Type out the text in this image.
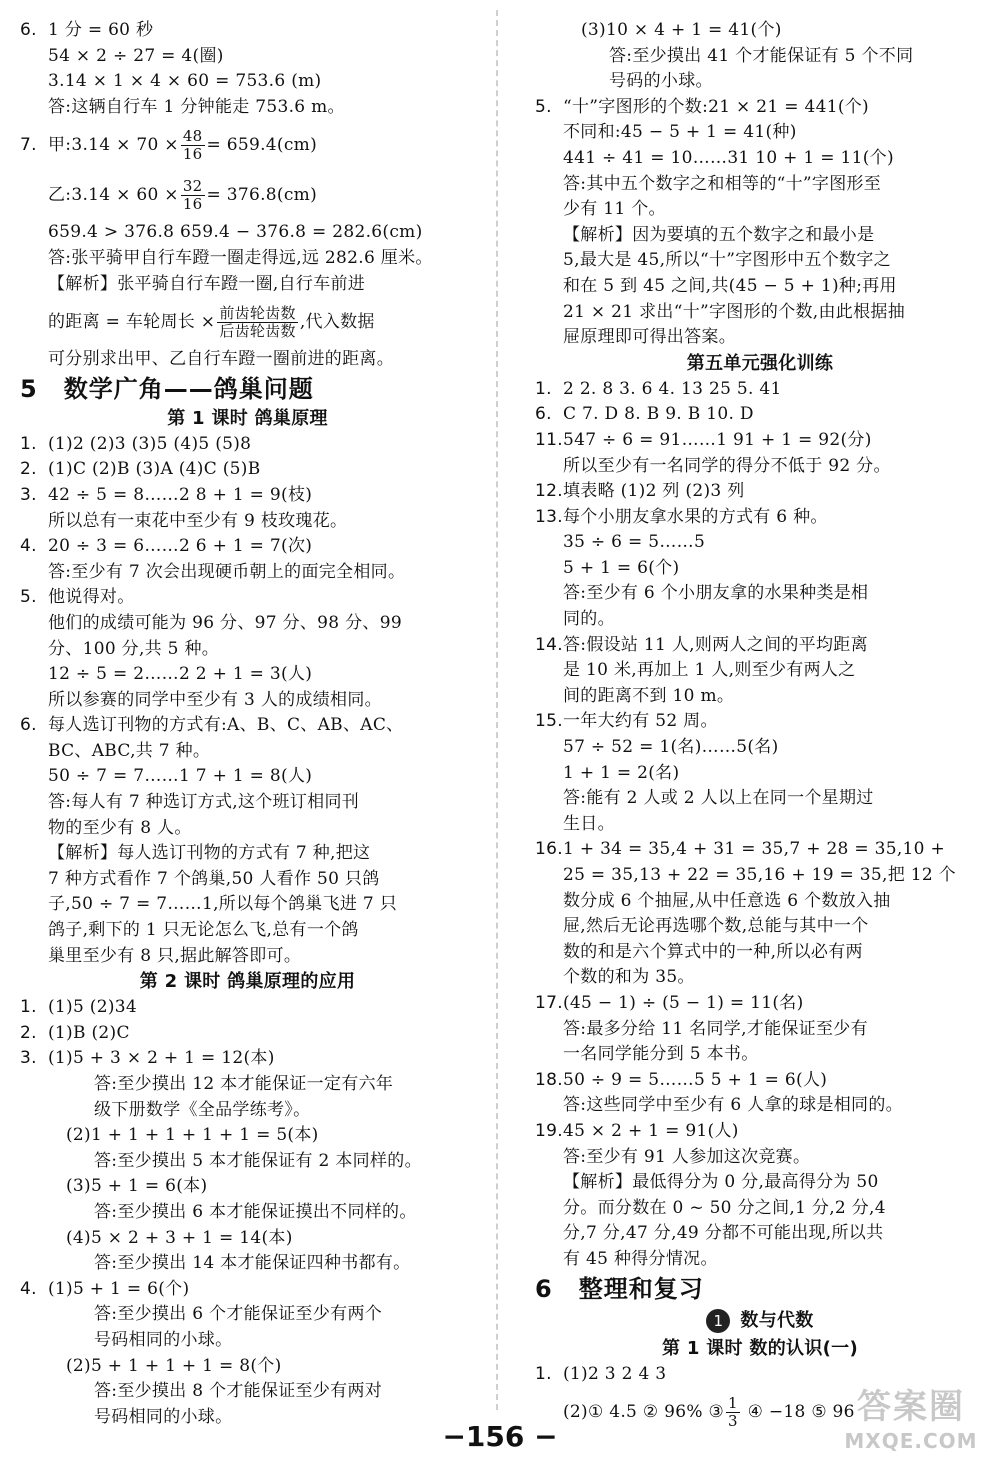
6. 1 分 = 60 秒
54 × 2 ÷ 27 = 4(圈)
3.14 × 1 × 4 × 60 = 753.6 (m)
答:这辆自行车 1 分钟能走 753.6 m。
7. 甲:3.14 × $70 \times \frac{48}{16} = 659.4(cm)$
乙:3.14 × $60 \times \frac{32}{16} = 376.8(cm)$
659.4 > 376.8 659.4 − 376.8 = 282.6(cm)
答:张平骑甲自行车蹬一圈走得远,远 282.6 厘米。
【解析】张平骑自行车蹬一圈,自行车前进
的距离 = 车轮周长 × $\frac{\text{前齿轮齿数}}{\text{后齿轮齿数}}$ ,代入数据
可分别求出甲、乙自行车蹬一圈前进的距离。
5 数学广角——鸽巢问题
第 1 课时 鸽巢原理
1. (1)2 (2)3 (3)5 (4)5 (5)8
2. (1)C (2)B (3)A (4)C (5)B
3. 42 ÷ 5 = 8……2 8 + 1 = 9(枝)
所以总有一束花中至少有 9 枝玫瑰花。
4. 20 ÷ 3 = 6……2 6 + 1 = 7(次)
答:至少有 7 次会出现硬币朝上的面完全相同。
5. 他说得对。
他们的成绩可能为 96 分、97 分、98 分、99
分、100 分,共 5 种。
12 ÷ 5 = 2……2 2 + 1 = 3(人)
所以参赛的同学中至少有 3 人的成绩相同。
6. 每人选订刊物的方式有:A、B、C、AB、AC、
BC、ABC,共 7 种。
50 ÷ 7 = 7……1 7 + 1 = 8(人)
答:每人有 7 种选订方式,这个班订相同刊
物的至少有 8 人。
【解析】每人选订刊物的方式有 7 种,把这
7 种方式看作 7 个鸽巢,50 人看作 50 只鸽
子,50 ÷ 7 = 7……1,所以每个鸽巢飞进 7 只
鸽子,剩下的 1 只无论怎么飞,总有一个鸽
巢里至少有 8 只,据此解答即可。
第 2 课时 鸽巢原理的应用
1. (1)5 (2)34
2. (1)B (2)C
3. (1)5 + 3 × 2 + 1 = 12(本)
答:至少摸出 12 本才能保证一定有六年
级下册数学《全品学练考》。
(2)1 + 1 + 1 + 1 + 1 = 5(本)
答:至少摸出 5 本才能保证有 2 本同样的。
(3)5 + 1 = 6(本)
答:至少摸出 6 本才能保证摸出不同样的。
(4)5 × 2 + 3 + 1 = 14(本)
答:至少摸出 14 本才能保证四种书都有。
4. (1)5 + 1 = 6(个)
答:至少摸出 6 个才能保证至少有两个
号码相同的小球。
(2)5 + 1 + 1 + 1 = 8(个)
答:至少摸出 8 个才能保证至少有两对
号码相同的小球。
(3)10 × 4 + 1 = 41(个)
答:至少摸出 41 个才能保证有 5 个不同
号码的小球。
5. “十”字图形的个数:21 × 21 = 441(个)
不同和:45 − 5 + 1 = 41(种)
441 ÷ 41 = 10……31 10 + 1 = 11(个)
答:其中五个数字之和相等的“十”字图形至
少有 11 个。
【解析】因为要填的五个数字之和最小是
5,最大是 45,所以“十”字图形中五个数字之
和在 5 到 45 之间,共(45 − 5 + 1)种;再用
21 × 21 求出“十”字图形的个数,由此根据抽
屉原理即可得出答案。
第五单元强化训练
1. 2 2. 8 3. 6 4. 13 25 5. 41
6. C 7. D 8. B 9. B 10. D
11.547 ÷ 6 = 91……1 91 + 1 = 92(分)
所以至少有一名同学的得分不低于 92 分。
12.填表略 (1)2 列 (2)3 列
13.每个小朋友拿水果的方式有 6 种。
35 ÷ 6 = 5……5
5 + 1 = 6(个)
答:至少有 6 个小朋友拿的水果种类是相
同的。
14.答:假设站 11 人,则两人之间的平均距离
是 10 米,再加上 1 人,则至少有两人之
间的距离不到 10 m。
15.一年大约有 52 周。
57 ÷ 52 = 1(名)……5(名)
1 + 1 = 2(名)
答:能有 2 人或 2 人以上在同一个星期过
生日。
16.1 + 34 = 35,4 + 31 = 35,7 + 28 = 35,10 +
25 = 35,13 + 22 = 35,16 + 19 = 35,把 12 个
数分成 6 个抽屉,从中任意选 6 个数放入抽
屉,然后无论再选哪个数,总能与其中一个
数的和是六个算式中的一种,所以必有两
个数的和为 35。
17.(45 − 1) ÷ (5 − 1) = 11(名)
答:最多分给 11 名同学,才能保证至少有
一名同学能分到 5 本书。
18.50 ÷ 9 = 5……5 5 + 1 = 6(人)
答:这些同学中至少有 6 人拿的球是相同的。
19.45 × 2 + 1 = 91(人)
答:至少有 91 人参加这次竞赛。
【解析】最低得分为 0 分,最高得分为 50
分。而分数在 0 ~ 50 分之间,1 分,2 分,4
分,7 分,47 分,49 分都不可能出现,所以共
有 45 种得分情况。
6 整理和复习
1 数与代数
第 1 课时 数的认识(一)
1. (1)2 3 2 4 3
(2)① 4.5 ② 96% ③ $\frac{1}{3}$ ④ −18 ⑤ 96
−156 −
答案圈
MXQE.COM
